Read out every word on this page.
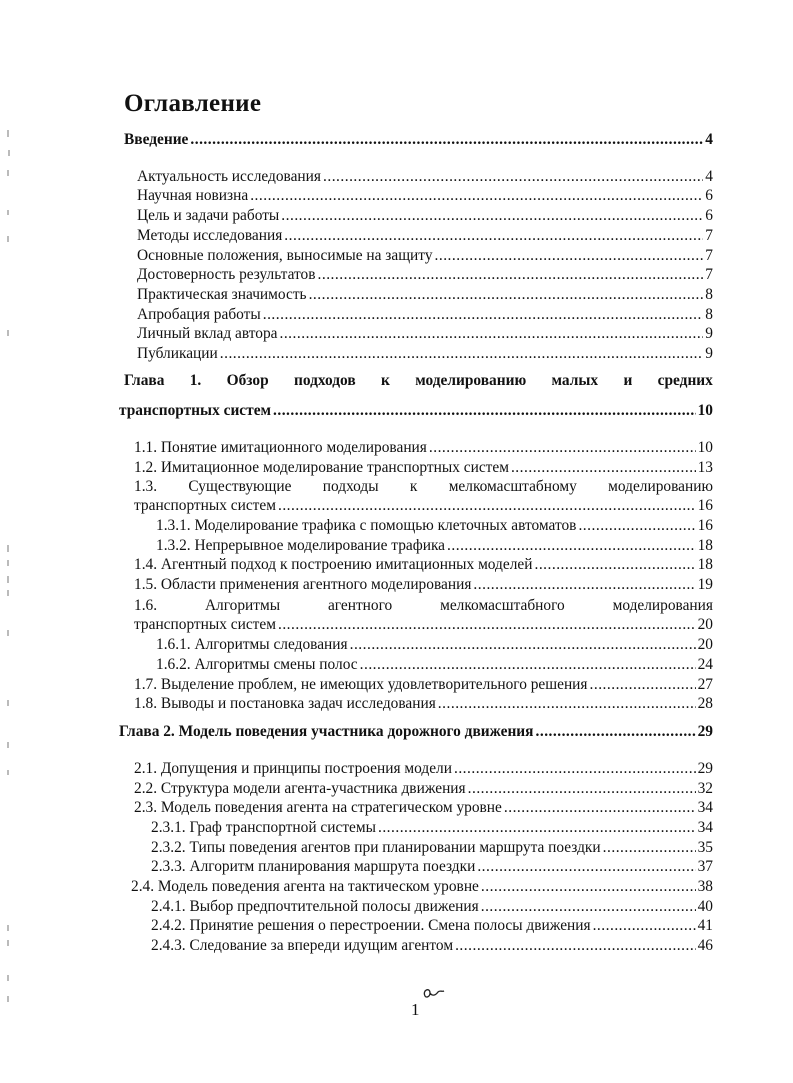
Оглавление
Введение .....	4
Актуальность исследования .....	4
Научная новизна .....	6
Цель и задачи работы .....	6
Методы исследования .....	7
Основные положения, выносимые на защиту .....	7
Достоверность результатов .....	7
Практическая значимость .....	8
Апробация работы .....	8
Личный вклад автора .....	9
Публикации .....	9
Глава 1. Обзор подходов к моделированию малых и средних
транспортных систем .....	10
1.1. Понятие имитационного моделирования .....	10
1.2. Имитационное моделирование транспортных систем .....	13
1.3. Существующие подходы к мелкомасштабному моделированию
транспортных систем .....	16
1.3.1. Моделирование трафика с помощью клеточных автоматов .....	16
1.3.2. Непрерывное моделирование трафика .....	18
1.4. Агентный подход к построению имитационных моделей .....	18
1.5. Области применения агентного моделирования .....	19
1.6.	Алгоритмы	агентного	мелкомасштабного	моделирования
транспортных систем .....	20
1.6.1. Алгоритмы следования .....	20
1.6.2. Алгоритмы смены полос .....	24
1.7. Выделение проблем, не имеющих удовлетворительного решения .....	27
1.8. Выводы и постановка задач исследования .....	28
Глава 2. Модель поведения участника дорожного движения .....	29
2.1. Допущения и принципы построения модели .....	29
2.2. Структура модели агента-участника движения .....	32
2.3. Модель поведения агента на стратегическом уровне .....	34
2.3.1. Граф транспортной системы .....	34
2.3.2. Типы поведения агентов при планировании маршрута поездки .....	35
2.3.3. Алгоритм планирования маршрута поездки .....	37
2.4. Модель поведения агента на тактическом уровне .....	38
2.4.1. Выбор предпочтительной полосы движения .....	40
2.4.2. Принятие решения о перестроении. Смена полосы движения .....	41
2.4.3. Следование за впереди идущим агентом .....	46
1
